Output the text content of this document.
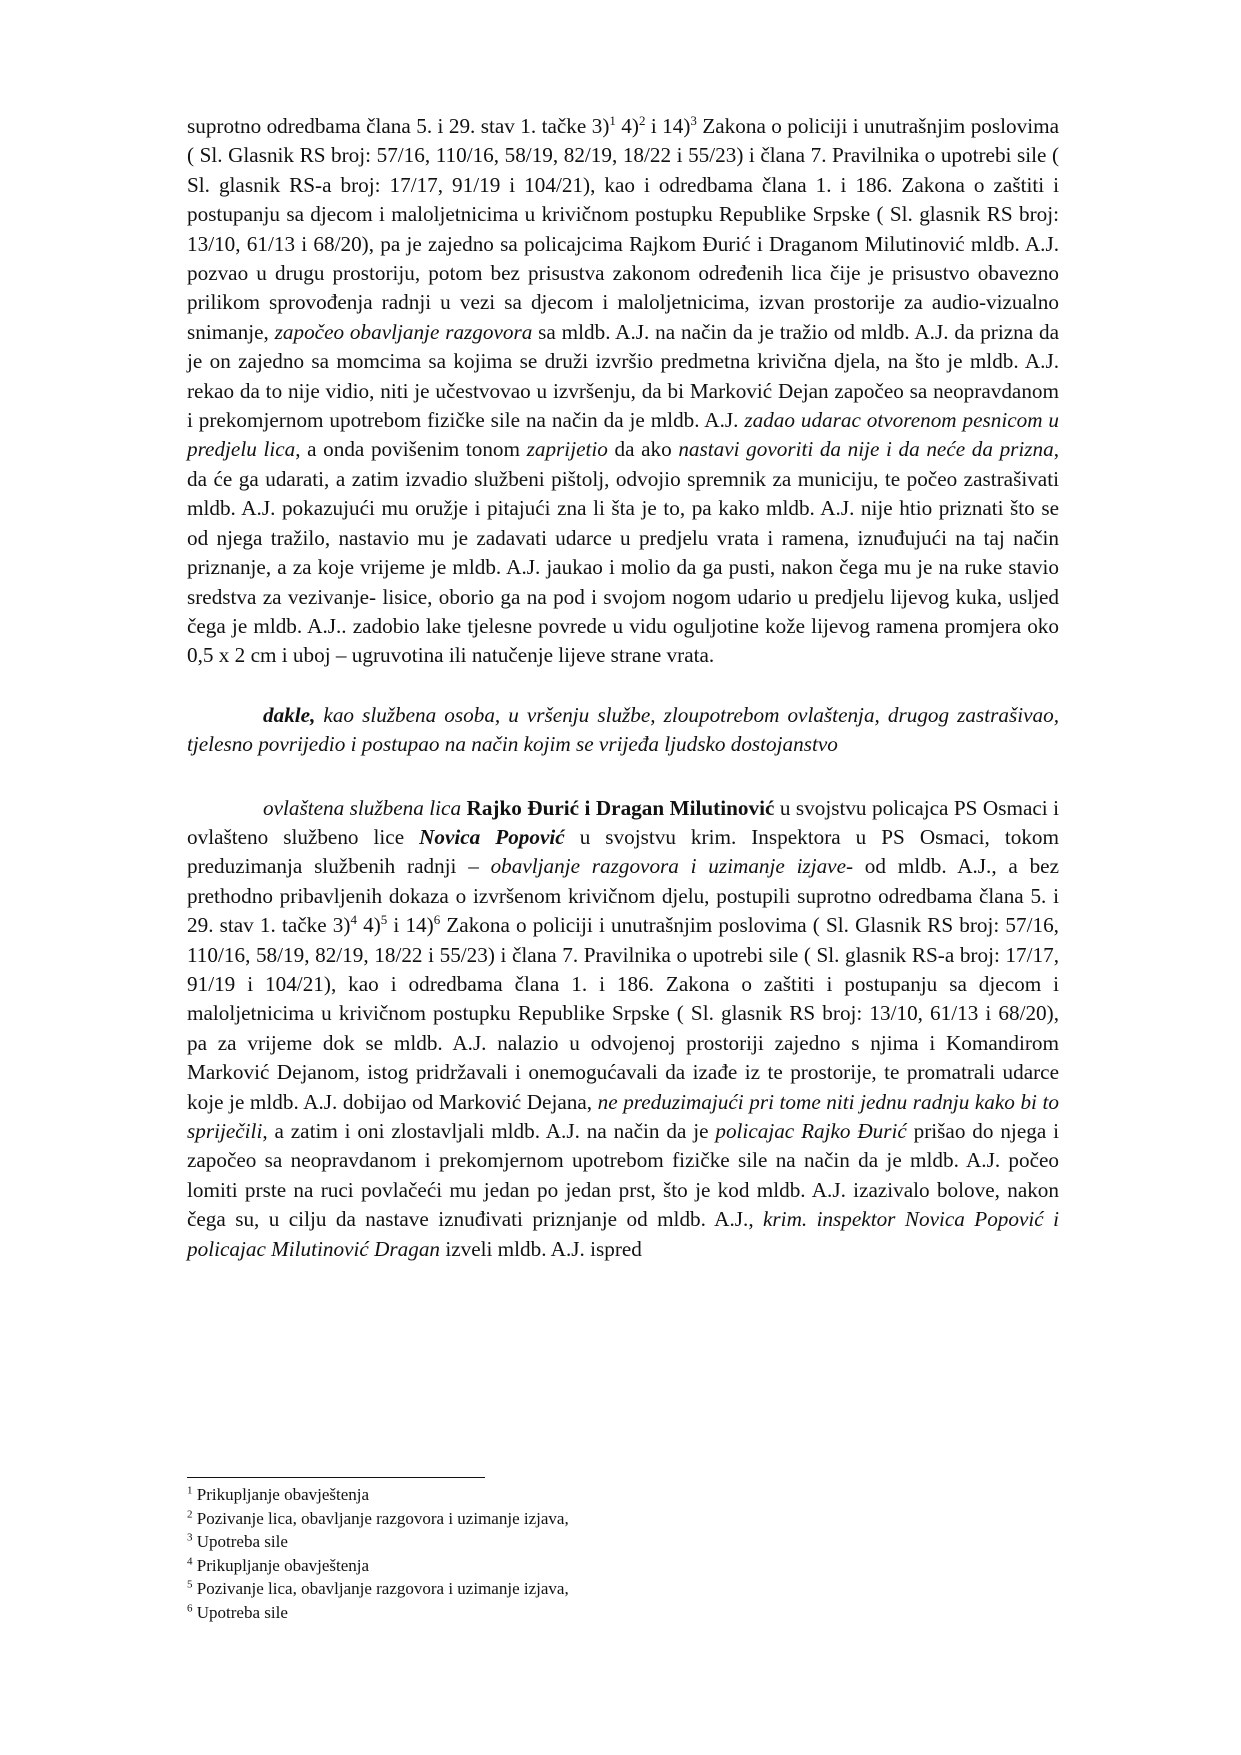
suprotno odredbama člana 5. i 29. stav 1. tačke 3)$^1$ 4)$^2$ i 14)$^3$ Zakona o policiji i unutrašnjim poslovima ( Sl. Glasnik RS broj: 57/16, 110/16, 58/19, 82/19, 18/22 i 55/23) i člana 7. Pravilnika o upotrebi sile ( Sl. glasnik RS-a broj: 17/17, 91/19 i 104/21), kao i odredbama člana 1. i 186. Zakona o zaštiti i postupanju sa djecom i maloljetnicima u krivičnom postupku Republike Srpske ( Sl. glasnik RS broj: 13/10, 61/13 i 68/20), pa je zajedno sa policajcima Rajkom Đurić i Draganom Milutinović mldb. A.J. pozvao u drugu prostoriju, potom bez prisustva zakonom određenih lica čije je prisustvo obavezno prilikom sprovođenja radnji u vezi sa djecom i maloljetnicima, izvan prostorije za audio-vizualno snimanje, započeo obavljanje razgovora sa mldb. A.J. na način da je tražio od mldb. A.J. da prizna da je on zajedno sa momcima sa kojima se druži izvršio predmetna krivična djela, na što je mldb. A.J. rekao da to nije vidio, niti je učestvovao u izvršenju, da bi Marković Dejan započeo sa neopravdanom i prekomjernom upotrebom fizičke sile na način da je mldb. A.J. zadao udarac otvorenom pesnicom u predjelu lica, a onda povišenim tonom zaprijetio da ako nastavi govoriti da nije i da neće da prizna, da će ga udarati, a zatim izvadio službeni pištolj, odvojio spremnik za municiju, te počeo zastrašivati mldb. A.J. pokazujući mu oružje i pitajući zna li šta je to, pa kako mldb. A.J. nije htio priznati što se od njega tražilo, nastavio mu je zadavati udarce u predjelu vrata i ramena, iznuđujući na taj način priznanje, a za koje vrijeme je mldb. A.J. jaukao i molio da ga pusti, nakon čega mu je na ruke stavio sredstva za vezivanje- lisice, oborio ga na pod i svojom nogom udario u predjelu lijevog kuka, usljed čega je mldb. A.J.. zadobio lake tjelesne povrede u vidu oguljotine kože lijevog ramena promjera oko 0,5 x 2 cm i uboj – ugruvotina ili natučenje lijeve strane vrata.

dakle, kao službena osoba, u vršenju službe, zloupotrebom ovlaštenja, drugog zastrašivao, tjelesno povrijedio i postupao na način kojim se vrijeđa ljudsko dostojanstvo

ovlaštena službena lica Rajko Đurić i Dragan Milutinović u svojstvu policajca PS Osmaci i ovlašteno službeno lice Novica Popović u svojstvu krim. Inspektora u PS Osmaci, tokom preduzimanja službenih radnji – obavljanje razgovora i uzimanje izjave- od mldb. A.J., a bez prethodno pribavljenih dokaza o izvršenom krivičnom djelu, postupili suprotno odredbama člana 5. i 29. stav 1. tačke 3)$^4$ 4)$^5$ i 14)$^6$ Zakona o policiji i unutrašnjim poslovima ( Sl. Glasnik RS broj: 57/16, 110/16, 58/19, 82/19, 18/22 i 55/23) i člana 7. Pravilnika o upotrebi sile ( Sl. glasnik RS-a broj: 17/17, 91/19 i 104/21), kao i odredbama člana 1. i 186. Zakona o zaštiti i postupanju sa djecom i maloljetnicima u krivičnom postupku Republike Srpske ( Sl. glasnik RS broj: 13/10, 61/13 i 68/20), pa za vrijeme dok se mldb. A.J. nalazio u odvojenoj prostoriji zajedno s njima i Komandirom Marković Dejanom, istog pridržavali i onemogućavali da izađe iz te prostorije, te promatrali udarce koje je mldb. A.J. dobijao od Marković Dejana, ne preduzimajući pri tome niti jednu radnju kako bi to spriječili, a zatim i oni zlostavljali mldb. A.J. na način da je policajac Rajko Đurić prišao do njega i započeo sa neopravdanom i prekomjernom upotrebom fizičke sile na način da je mldb. A.J. počeo lomiti prste na ruci povlačeći mu jedan po jedan prst, što je kod mldb. A.J. izazivalo bolove, nakon čega su, u cilju da nastave iznuđivati priznjanje od mldb. A.J., krim. inspektor Novica Popović i policajac Milutinović Dragan izveli mldb. A.J. ispred

$^1$ Prikupljanje obavještenja
$^2$ Pozivanje lica, obavljanje razgovora i uzimanje izjava,
$^3$ Upotreba sile
$^4$ Prikupljanje obavještenja
$^5$ Pozivanje lica, obavljanje razgovora i uzimanje izjava,
$^6$ Upotreba sile
